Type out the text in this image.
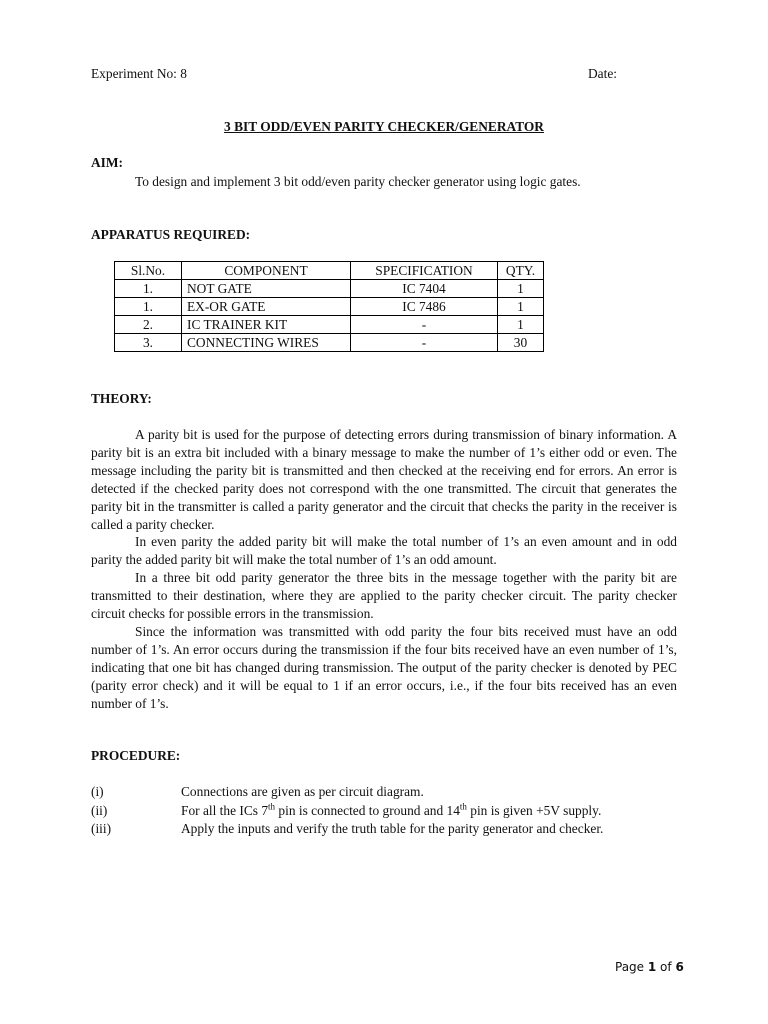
Experiment No: 8	Date:
3 BIT ODD/EVEN PARITY CHECKER/GENERATOR
AIM:
To design and implement 3 bit odd/even parity checker generator using logic gates.
APPARATUS REQUIRED:
Sl.No.	COMPONENT	SPECIFICATION	QTY.
1.	NOT GATE	IC 7404	1
1.	EX-OR GATE	IC 7486	1
2.	IC TRAINER KIT	-	1
3.	CONNECTING WIRES	-	30
THEORY:

A parity bit is used for the purpose of detecting errors during transmission of binary information. A parity bit is an extra bit included with a binary message to make the number of 1’s either odd or even. The message including the parity bit is transmitted and then checked at the receiving end for errors. An error is detected if the checked parity does not correspond with the one transmitted. The circuit that generates the parity bit in the transmitter is called a parity generator and the circuit that checks the parity in the receiver is called a parity checker.

In even parity the added parity bit will make the total number of 1’s an even amount and in odd parity the added parity bit will make the total number of 1’s an odd amount.

In a three bit odd parity generator the three bits in the message together with the parity bit are transmitted to their destination, where they are applied to the parity checker circuit. The parity checker circuit checks for possible errors in the transmission.

Since the information was transmitted with odd parity the four bits received must have an odd number of 1’s. An error occurs during the transmission if the four bits received have an even number of 1’s, indicating that one bit has changed during transmission. The output of the parity checker is denoted by PEC (parity error check) and it will be equal to 1 if an error occurs, i.e., if the four bits received has an even number of 1’s.

PROCEDURE:
(i)	Connections are given as per circuit diagram.
(ii)	For all the ICs 7th pin is connected to ground and 14th pin is given +5V supply.
(iii)	Apply the inputs and verify the truth table for the parity generator and checker.
Page 1 of 6
